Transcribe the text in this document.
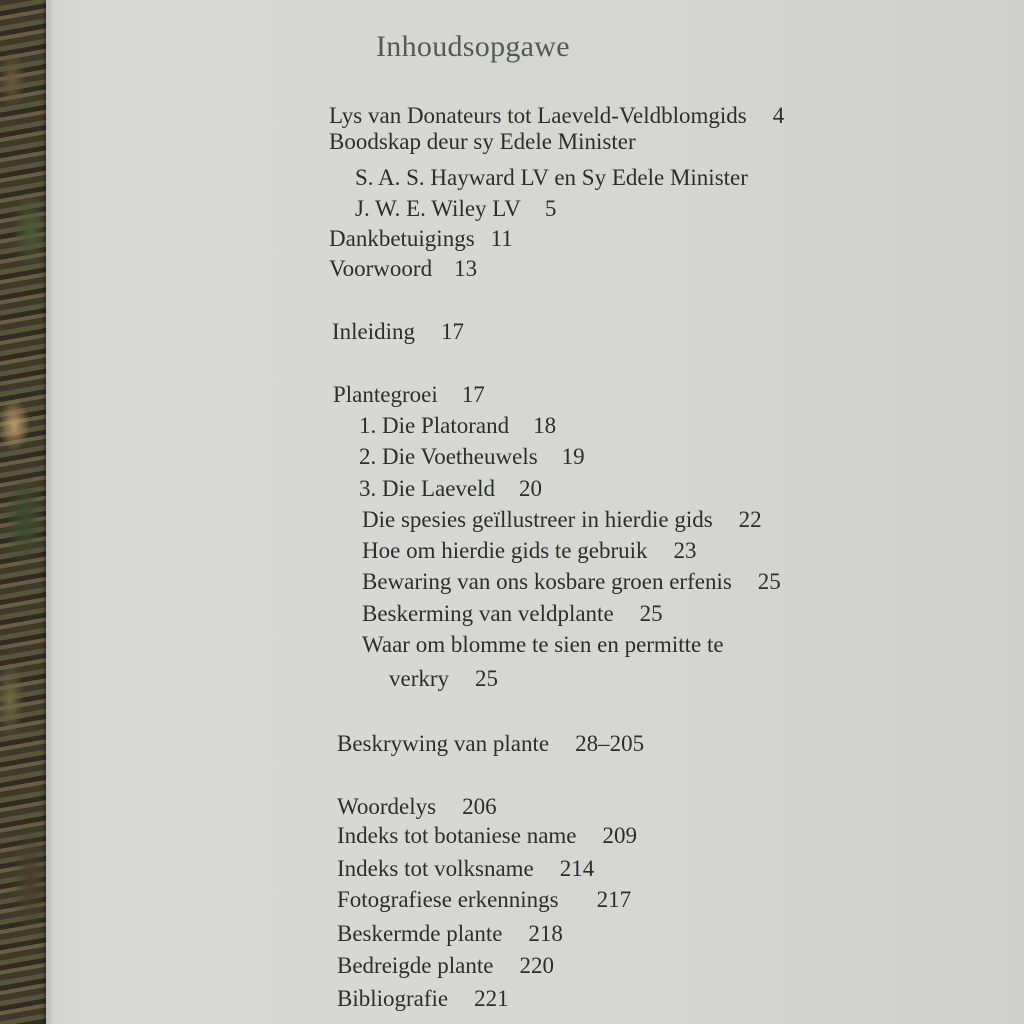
Inhoudsopgawe
Lys van Donateurs tot Laeveld-Veldblomgids 4
Boodskap deur sy Edele Minister
S. A. S. Hayward LV en Sy Edele Minister
J. W. E. Wiley LV 5
Dankbetuigings 11
Voorwoord 13
Inleiding 17
Plantegroei 17
1. Die Platorand 18
2. Die Voetheuwels 19
3. Die Laeveld 20
Die spesies geïllustreer in hierdie gids 22
Hoe om hierdie gids te gebruik 23
Bewaring van ons kosbare groen erfenis 25
Beskerming van veldplante 25
Waar om blomme te sien en permitte te
verkry 25
Beskrywing van plante 28–205
Woordelys 206
Indeks tot botaniese name 209
Indeks tot volksname 214
Fotografiese erkennings 217
Beskermde plante 218
Bedreigde plante 220
Bibliografie 221
